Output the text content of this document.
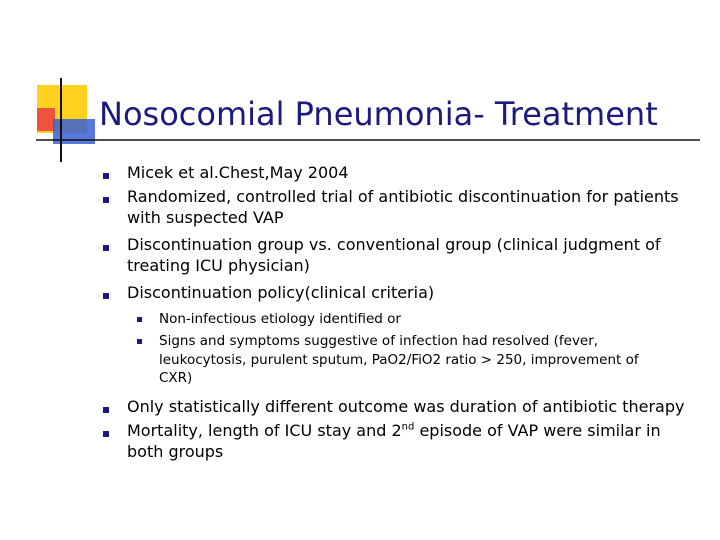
Nosocomial Pneumonia- Treatment
Micek et al.Chest,May 2004
Randomized, controlled trial of antibiotic discontinuation for patients
with suspected VAP
Discontinuation group vs. conventional group (clinical judgment of
treating ICU physician)
Discontinuation policy(clinical criteria)
Non-infectious etiology identified or
Signs and symptoms suggestive of infection had resolved (fever,
leukocytosis, purulent sputum, PaO2/FiO2 ratio > 250, improvement of
CXR)
Only statistically different outcome was duration of antibiotic therapy
Mortality, length of ICU stay and 2nd episode of VAP were similar in
both groups
